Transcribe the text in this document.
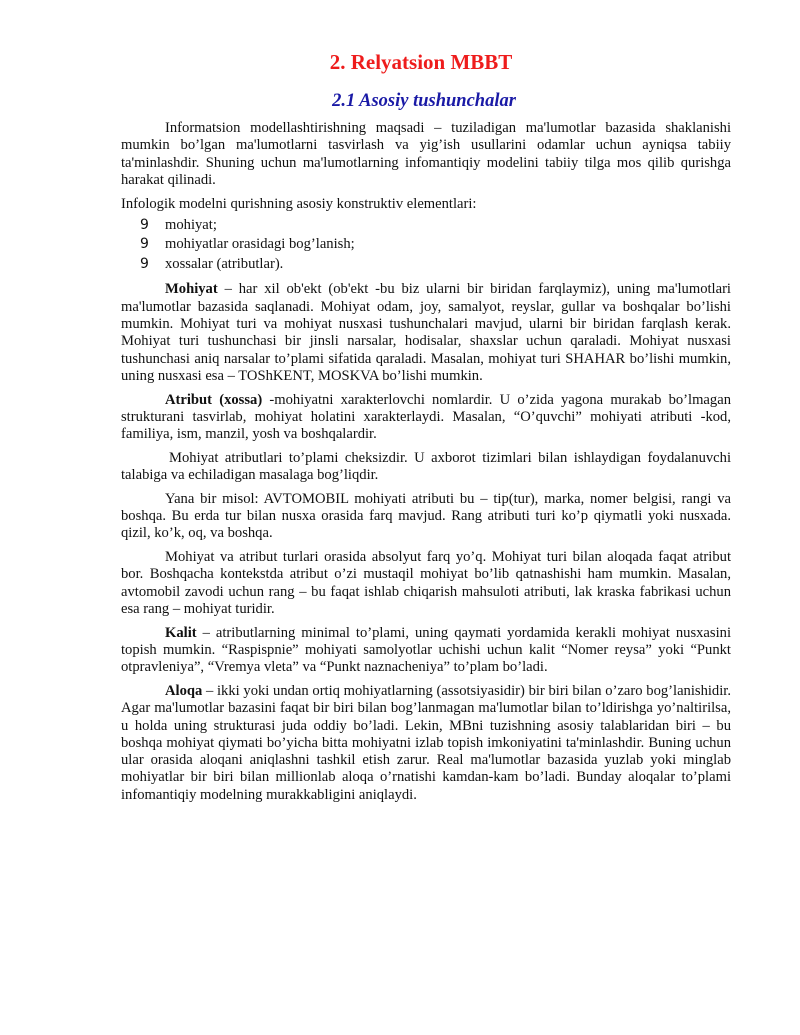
2. Relyatsion MBBT
2.1 Asosiy tushunchalar

Informatsion modellashtirishning maqsadi – tuziladigan ma'lumotlar bazasida shaklanishi mumkin bo’lgan ma'lumotlarni tasvirlash va yig’ish usullarini odamlar uchun ayniqsa tabiiy ta'minlashdir. Shuning uchun ma'lumotlarning infomantiqiy modelini tabiiy tilga mos qilib qurishga harakat qilinadi.

Infologik modelni qurishning asosiy konstruktiv elementlari:

9 mohiyat;
9 mohiyatlar orasidagi bog’lanish;
9 xossalar (atributlar).

Mohiyat – har xil ob'ekt (ob'ekt -bu biz ularni bir biridan farqlaymiz), uning ma'lumotlari ma'lumotlar bazasida saqlanadi. Mohiyat odam, joy, samalyot, reyslar, gullar va boshqalar bo’lishi mumkin. Mohiyat turi va mohiyat nusxasi tushunchalari mavjud, ularni bir biridan farqlash kerak. Mohiyat turi tushunchasi bir jinsli narsalar, hodisalar, shaxslar uchun qaraladi. Mohiyat nusxasi tushunchasi aniq narsalar to’plami sifatida qaraladi. Masalan, mohiyat turi SHAHAR bo’lishi mumkin, uning nusxasi esa – TOShKENT, MOSKVA bo’lishi mumkin.

Atribut (xossa) -mohiyatni xarakterlovchi nomlardir. U o’zida yagona murakab bo’lmagan strukturani tasvirlab, mohiyat holatini xarakterlaydi. Masalan, “O’quvchi” mohiyati atributi -kod, familiya, ism, manzil, yosh va boshqalardir.

Mohiyat atributlari to’plami cheksizdir. U axborot tizimlari bilan ishlaydigan foydalanuvchi talabiga va echiladigan masalaga bog’liqdir.

Yana bir misol: AVTOMOBIL mohiyati atributi bu – tip(tur), marka, nomer belgisi, rangi va boshqa. Bu erda tur bilan nusxa orasida farq mavjud. Rang atributi turi ko’p qiymatli yoki nusxada. qizil, ko’k, oq, va boshqa.

Mohiyat va atribut turlari orasida absolyut farq yo’q. Mohiyat turi bilan aloqada faqat atribut bor. Boshqacha kontekstda atribut o’zi mustaqil mohiyat bo’lib qatnashishi ham mumkin. Masalan, avtomobil zavodi uchun rang – bu faqat ishlab chiqarish mahsuloti atributi, lak kraska fabrikasi uchun esa rang – mohiyat turidir.

Kalit – atributlarning minimal to’plami, uning qaymati yordamida kerakli mohiyat nusxasini topish mumkin. “Raspispnie” mohiyati samolyotlar uchishi uchun kalit “Nomer reysa” yoki “Punkt otpravleniya”, “Vremya vleta” va “Punkt naznacheniya” to’plam bo’ladi.

Aloqa – ikki yoki undan ortiq mohiyatlarning (assotsiyasidir) bir biri bilan o’zaro bog’lanishidir. Agar ma'lumotlar bazasini faqat bir biri bilan bog’lanmagan ma'lumotlar bilan to’ldirishga yo’naltirilsa, u holda uning strukturasi juda oddiy bo’ladi. Lekin, MBni tuzishning asosiy talablaridan biri – bu boshqa mohiyat qiymati bo’yicha bitta mohiyatni izlab topish imkoniyatini ta'minlashdir. Buning uchun ular orasida aloqani aniqlashni tashkil etish zarur. Real ma'lumotlar bazasida yuzlab yoki minglab mohiyatlar bir biri bilan millionlab aloqa o’rnatishi kamdan-kam bo’ladi. Bunday aloqalar to’plami infomantiqiy modelning murakkabligini aniqlaydi.
